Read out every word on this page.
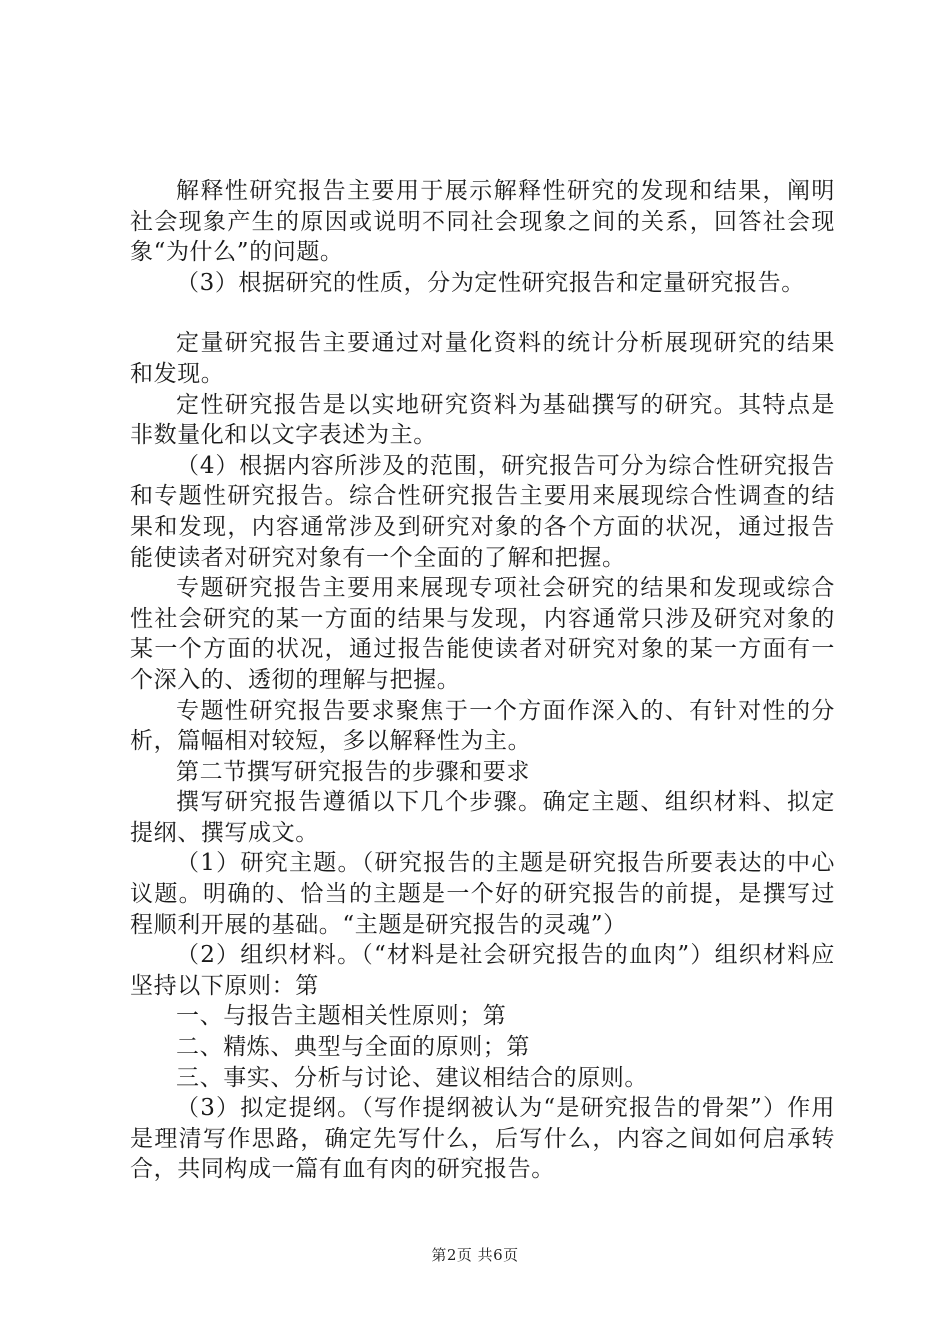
解释性研究报告主要用于展示解释性研究的发现和结果，阐明社会现象产生的原因或说明不同社会现象之间的关系，回答社会现象“为什么”的问题。

（3）根据研究的性质，分为定性研究报告和定量研究报告。

定量研究报告主要通过对量化资料的统计分析展现研究的结果和发现。

定性研究报告是以实地研究资料为基础撰写的研究。其特点是非数量化和以文字表述为主。

（4）根据内容所涉及的范围，研究报告可分为综合性研究报告和专题性研究报告。综合性研究报告主要用来展现综合性调查的结果和发现，内容通常涉及到研究对象的各个方面的状况，通过报告能使读者对研究对象有一个全面的了解和把握。

专题研究报告主要用来展现专项社会研究的结果和发现或综合性社会研究的某一方面的结果与发现，内容通常只涉及研究对象的某一个方面的状况，通过报告能使读者对研究对象的某一方面有一个深入的、透彻的理解与把握。

专题性研究报告要求聚焦于一个方面作深入的、有针对性的分析，篇幅相对较短，多以解释性为主。

第二节撰写研究报告的步骤和要求

撰写研究报告遵循以下几个步骤。确定主题、组织材料、拟定提纲、撰写成文。

（1）研究主题。（研究报告的主题是研究报告所要表达的中心议题。明确的、恰当的主题是一个好的研究报告的前提，是撰写过程顺利开展的基础。“主题是研究报告的灵魂”）

（2）组织材料。（“材料是社会研究报告的血肉”）组织材料应坚持以下原则：第

一、与报告主题相关性原则；第

二、精炼、典型与全面的原则；第

三、事实、分析与讨论、建议相结合的原则。

（3）拟定提纲。（写作提纲被认为“是研究报告的骨架”）作用是理清写作思路，确定先写什么，后写什么，内容之间如何启承转合，共同构成一篇有血有肉的研究报告。

第2页 共6页
